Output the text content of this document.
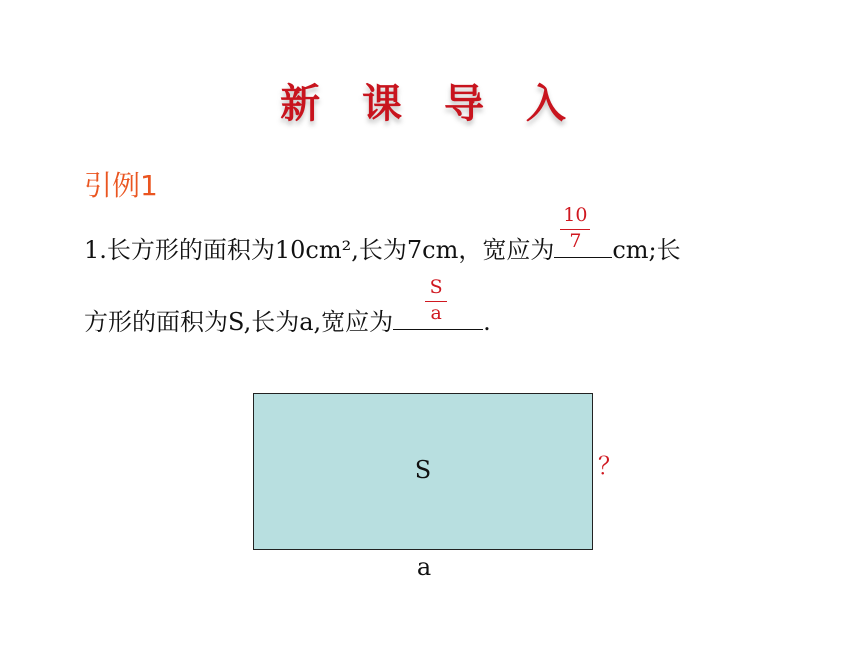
新 课 导 入
引例1
1.长方形的面积为10cm²,长为7cm，宽应为
10
7 cm;长
方形的面积为S,长为a,宽应为
S
a .
S
a
？
